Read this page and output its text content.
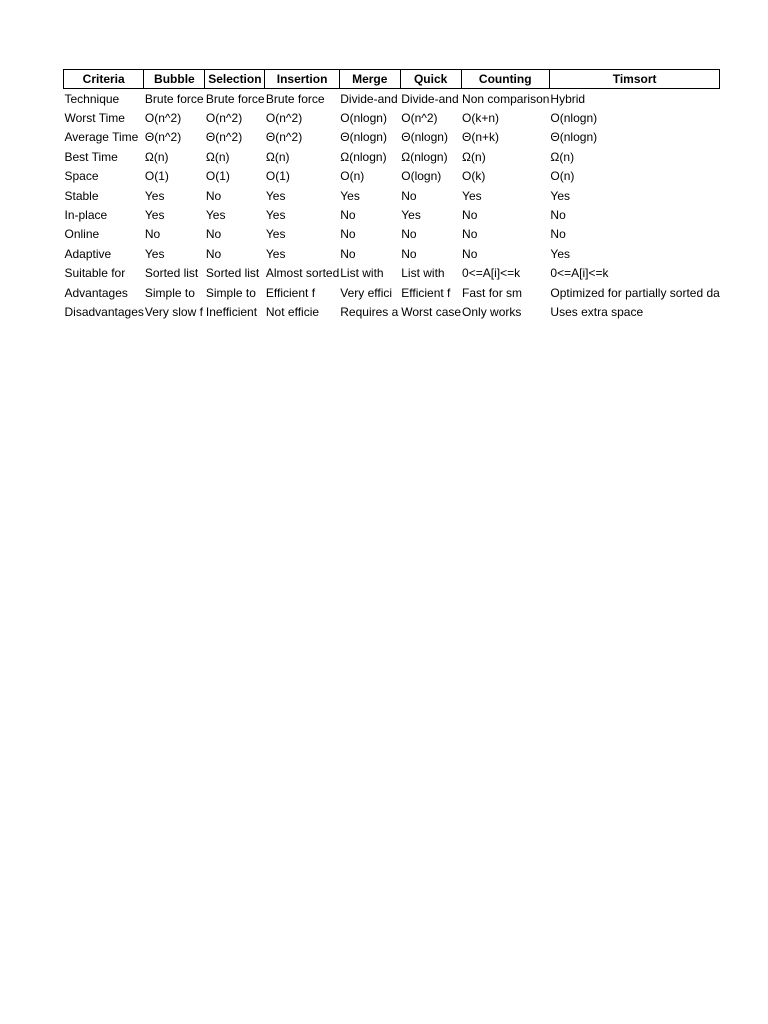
Criteria	Bubble	Selection	Insertion	Merge	Quick	Counting	Timsort
Technique	Brute force	Brute force	Brute force	Divide-and	Divide-and	Non comparison	Hybrid
Worst Time	O(n^2)	O(n^2)	O(n^2)	O(nlogn)	O(n^2)	O(k+n)	O(nlogn)
Average Time	Θ(n^2)	Θ(n^2)	Θ(n^2)	Θ(nlogn)	Θ(nlogn)	Θ(n+k)	Θ(nlogn)
Best Time	Ω(n)	Ω(n)	Ω(n)	Ω(nlogn)	Ω(nlogn)	Ω(n)	Ω(n)
Space	O(1)	O(1)	O(1)	O(n)	O(logn)	O(k)	O(n)
Stable	Yes	No	Yes	Yes	No	Yes	Yes
In-place	Yes	Yes	Yes	No	Yes	No	No
Online	No	No	Yes	No	No	No	No
Adaptive	Yes	No	Yes	No	No	No	Yes
Suitable for	Sorted list	Sorted list	Almost sorted	List with	List with	0<=A[i]<=k	0<=A[i]<=k
Advantages	Simple to	Simple to	Efficient f	Very effici	Efficient f	Fast for sm	Optimized for partially sorted da
Disadvantages	Very slow f	Inefficient	Not efficie	Requires a	Worst case	Only works	Uses extra space
